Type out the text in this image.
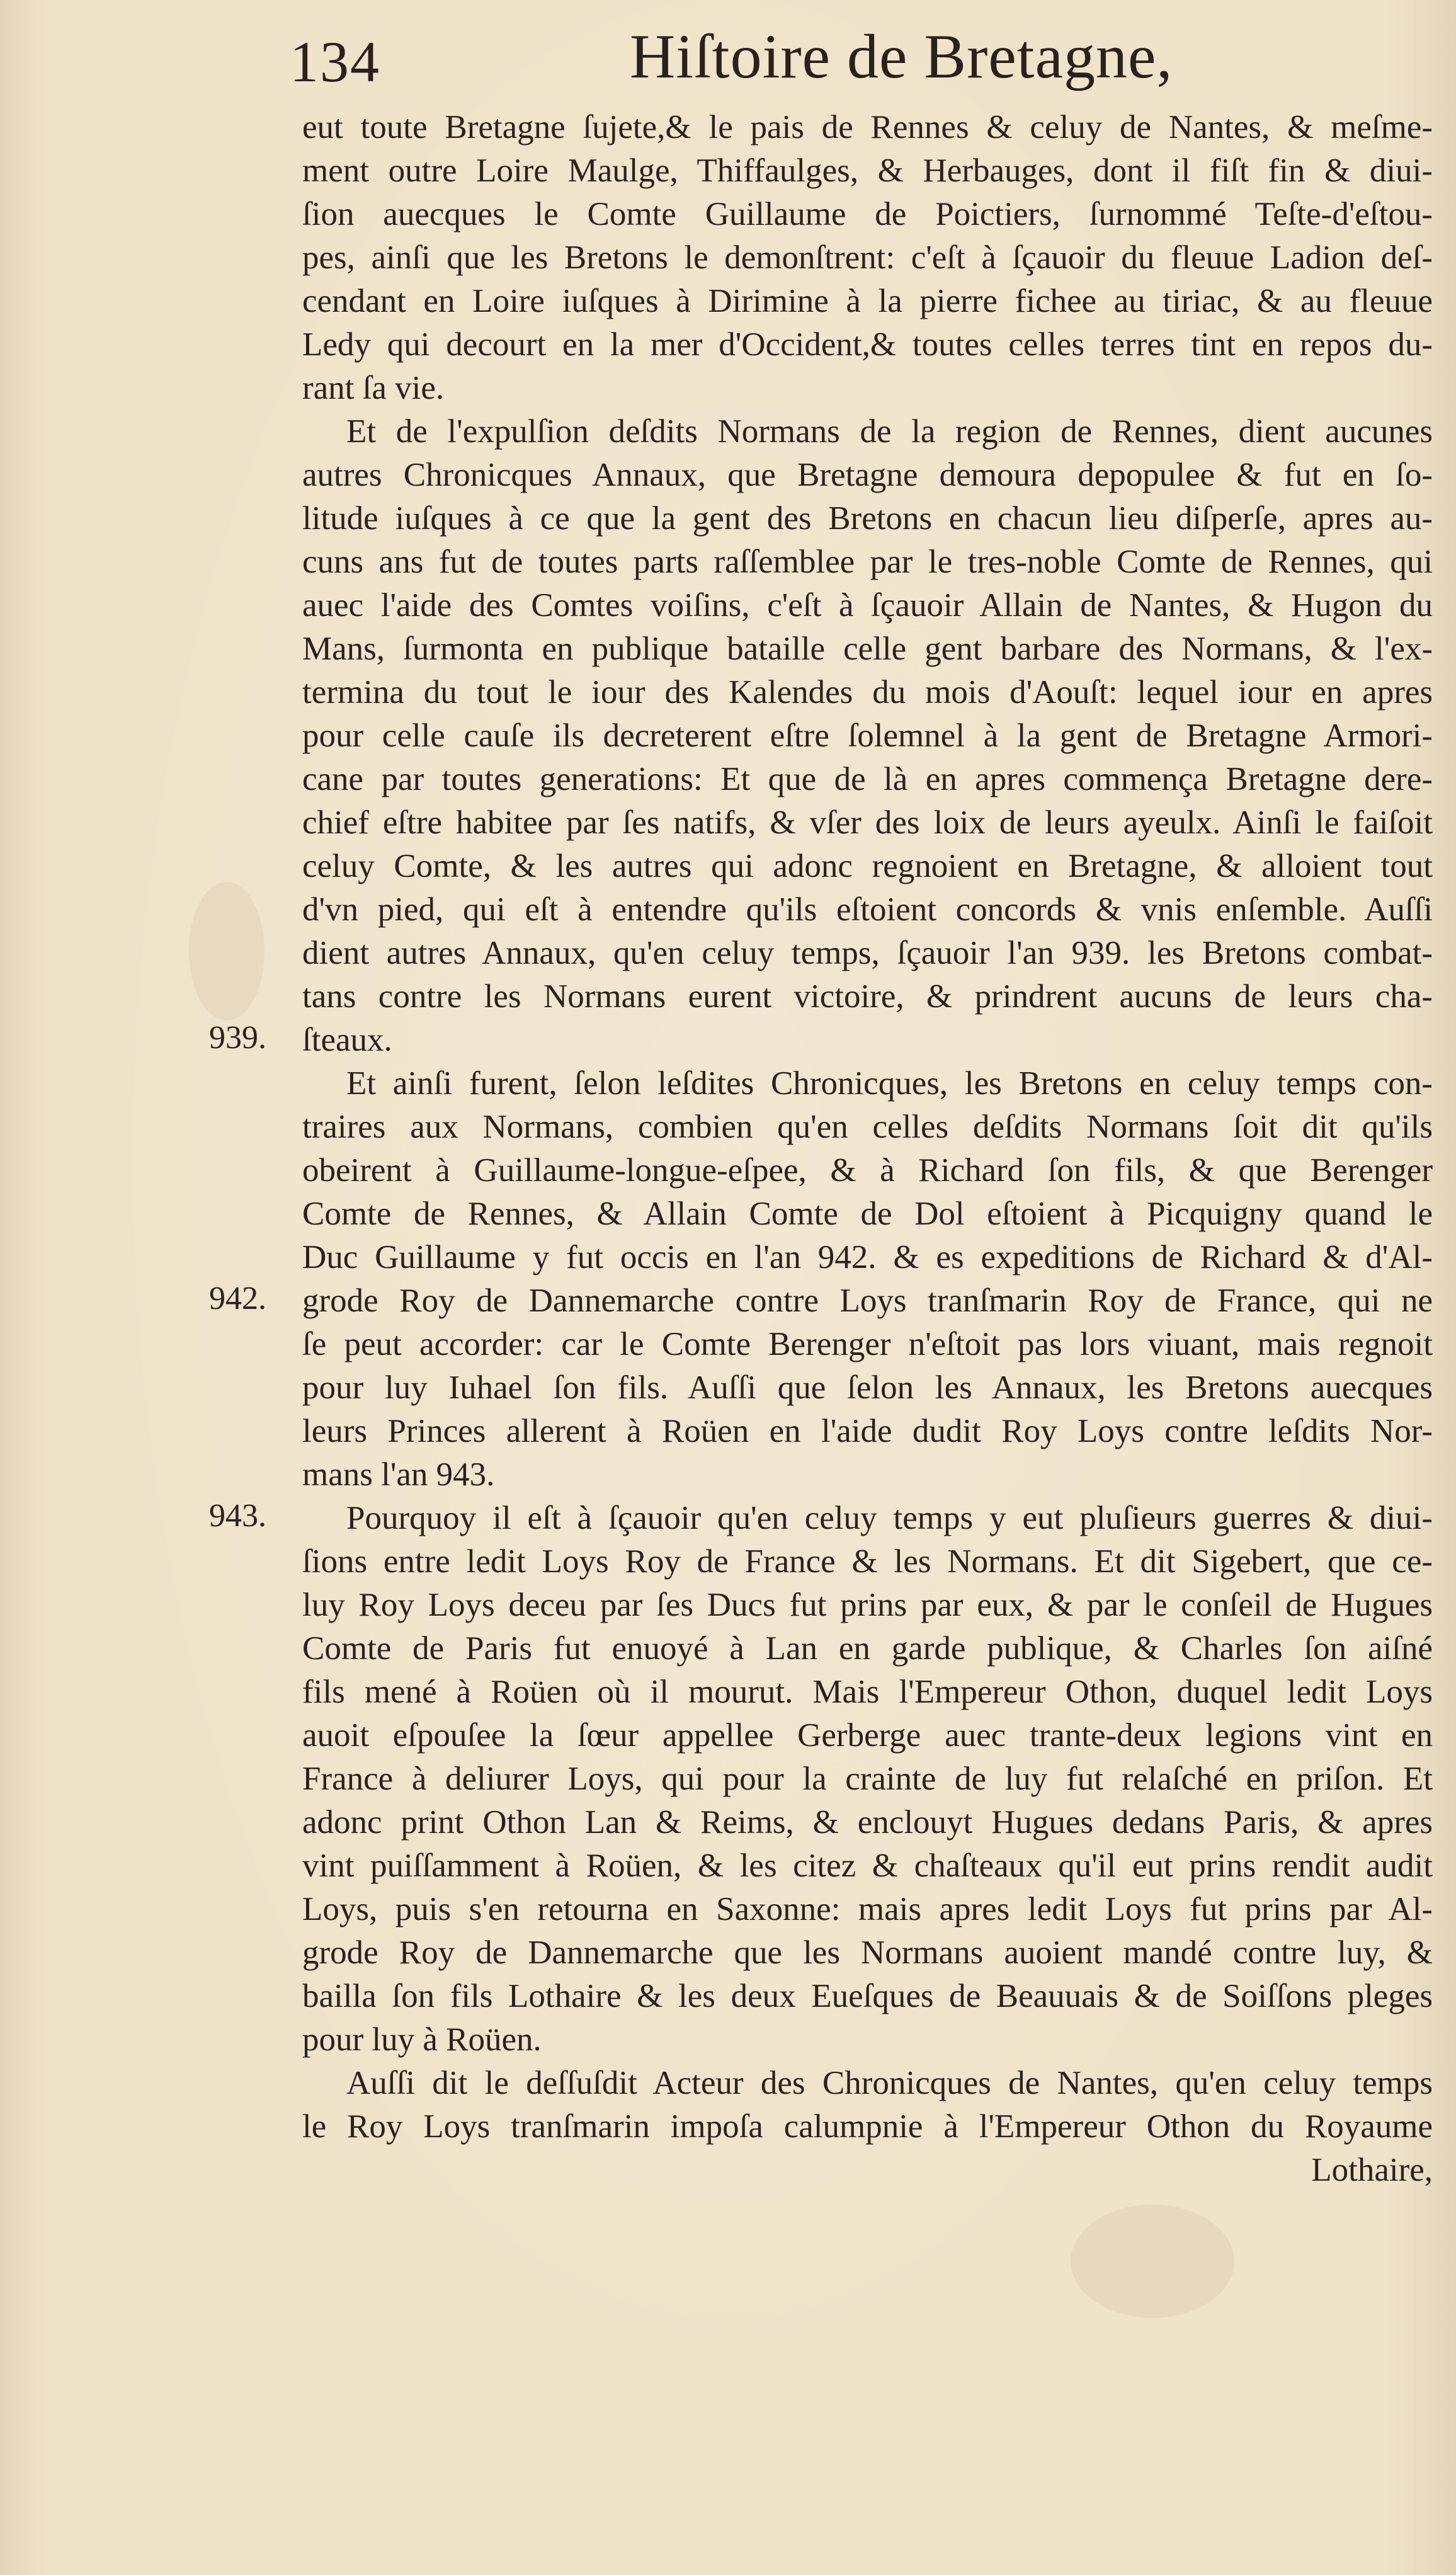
134	Hiſtoire de Bretagne,
939.
942.
943.
eut toute Bretagne ſujete,& le pais de Rennes & celuy de Nantes, & meſme-
ment outre Loire Maulge, Thiffaulges, & Herbauges, dont il fiſt fin & diui-
ſion auecques le Comte Guillaume de Poictiers, ſurnommé Teſte-d'eſtou-
pes, ainſi que les Bretons le demonſtrent: c'eſt à ſçauoir du fleuue Ladion deſ-
cendant en Loire iuſques à Dirimine à la pierre fichee au tiriac, & au fleuue
Ledy qui decourt en la mer d'Occident,& toutes celles terres tint en repos du-
rant ſa vie.
Et de l'expulſion deſdits Normans de la region de Rennes, dient aucunes
autres Chronicques Annaux, que Bretagne demoura depopulee & fut en ſo-
litude iuſques à ce que la gent des Bretons en chacun lieu diſperſe, apres au-
cuns ans fut de toutes parts raſſemblee par le tres-noble Comte de Rennes, qui
auec l'aide des Comtes voiſins, c'eſt à ſçauoir Allain de Nantes, & Hugon du
Mans, ſurmonta en publique bataille celle gent barbare des Normans, & l'ex-
termina du tout le iour des Kalendes du mois d'Aouſt: lequel iour en apres
pour celle cauſe ils decreterent eſtre ſolemnel à la gent de Bretagne Armori-
cane par toutes generations: Et que de là en apres commença Bretagne dere-
chief eſtre habitee par ſes natifs, & vſer des loix de leurs ayeulx. Ainſi le faiſoit
celuy Comte, & les autres qui adonc regnoient en Bretagne, & alloient tout
d'vn pied, qui eſt à entendre qu'ils eſtoient concords & vnis enſemble. Auſſi
dient autres Annaux, qu'en celuy temps, ſçauoir l'an 939. les Bretons combat-
tans contre les Normans eurent victoire, & prindrent aucuns de leurs cha-
ſteaux.
Et ainſi furent, ſelon leſdites Chronicques, les Bretons en celuy temps con-
traires aux Normans, combien qu'en celles deſdits Normans ſoit dit qu'ils
obeirent à Guillaume-longue-eſpee, & à Richard ſon fils, & que Berenger
Comte de Rennes, & Allain Comte de Dol eſtoient à Picquigny quand le
Duc Guillaume y fut occis en l'an 942. & es expeditions de Richard & d'Al-
grode Roy de Dannemarche contre Loys tranſmarin Roy de France, qui ne
ſe peut accorder: car le Comte Berenger n'eſtoit pas lors viuant, mais regnoit
pour luy Iuhael ſon fils. Auſſi que ſelon les Annaux, les Bretons auecques
leurs Princes allerent à Roüen en l'aide dudit Roy Loys contre leſdits Nor-
mans l'an 943.
Pourquoy il eſt à ſçauoir qu'en celuy temps y eut pluſieurs guerres & diui-
ſions entre ledit Loys Roy de France & les Normans. Et dit Sigebert, que ce-
luy Roy Loys deceu par ſes Ducs fut prins par eux, & par le conſeil de Hugues
Comte de Paris fut enuoyé à Lan en garde publique, & Charles ſon aiſné
fils mené à Roüen où il mourut. Mais l'Empereur Othon, duquel ledit Loys
auoit eſpouſee la ſœur appellee Gerberge auec trante-deux legions vint en
France à deliurer Loys, qui pour la crainte de luy fut relaſché en priſon. Et
adonc print Othon Lan & Reims, & enclouyt Hugues dedans Paris, & apres
vint puiſſamment à Roüen, & les citez & chaſteaux qu'il eut prins rendit audit
Loys, puis s'en retourna en Saxonne: mais apres ledit Loys fut prins par Al-
grode Roy de Dannemarche que les Normans auoient mandé contre luy, &
bailla ſon fils Lothaire & les deux Eueſques de Beauuais & de Soiſſons pleges
pour luy à Roüen.
Auſſi dit le deſſuſdit Acteur des Chronicques de Nantes, qu'en celuy temps
le Roy Loys tranſmarin impoſa calumpnie à l'Empereur Othon du Royaume
Lothaire,
